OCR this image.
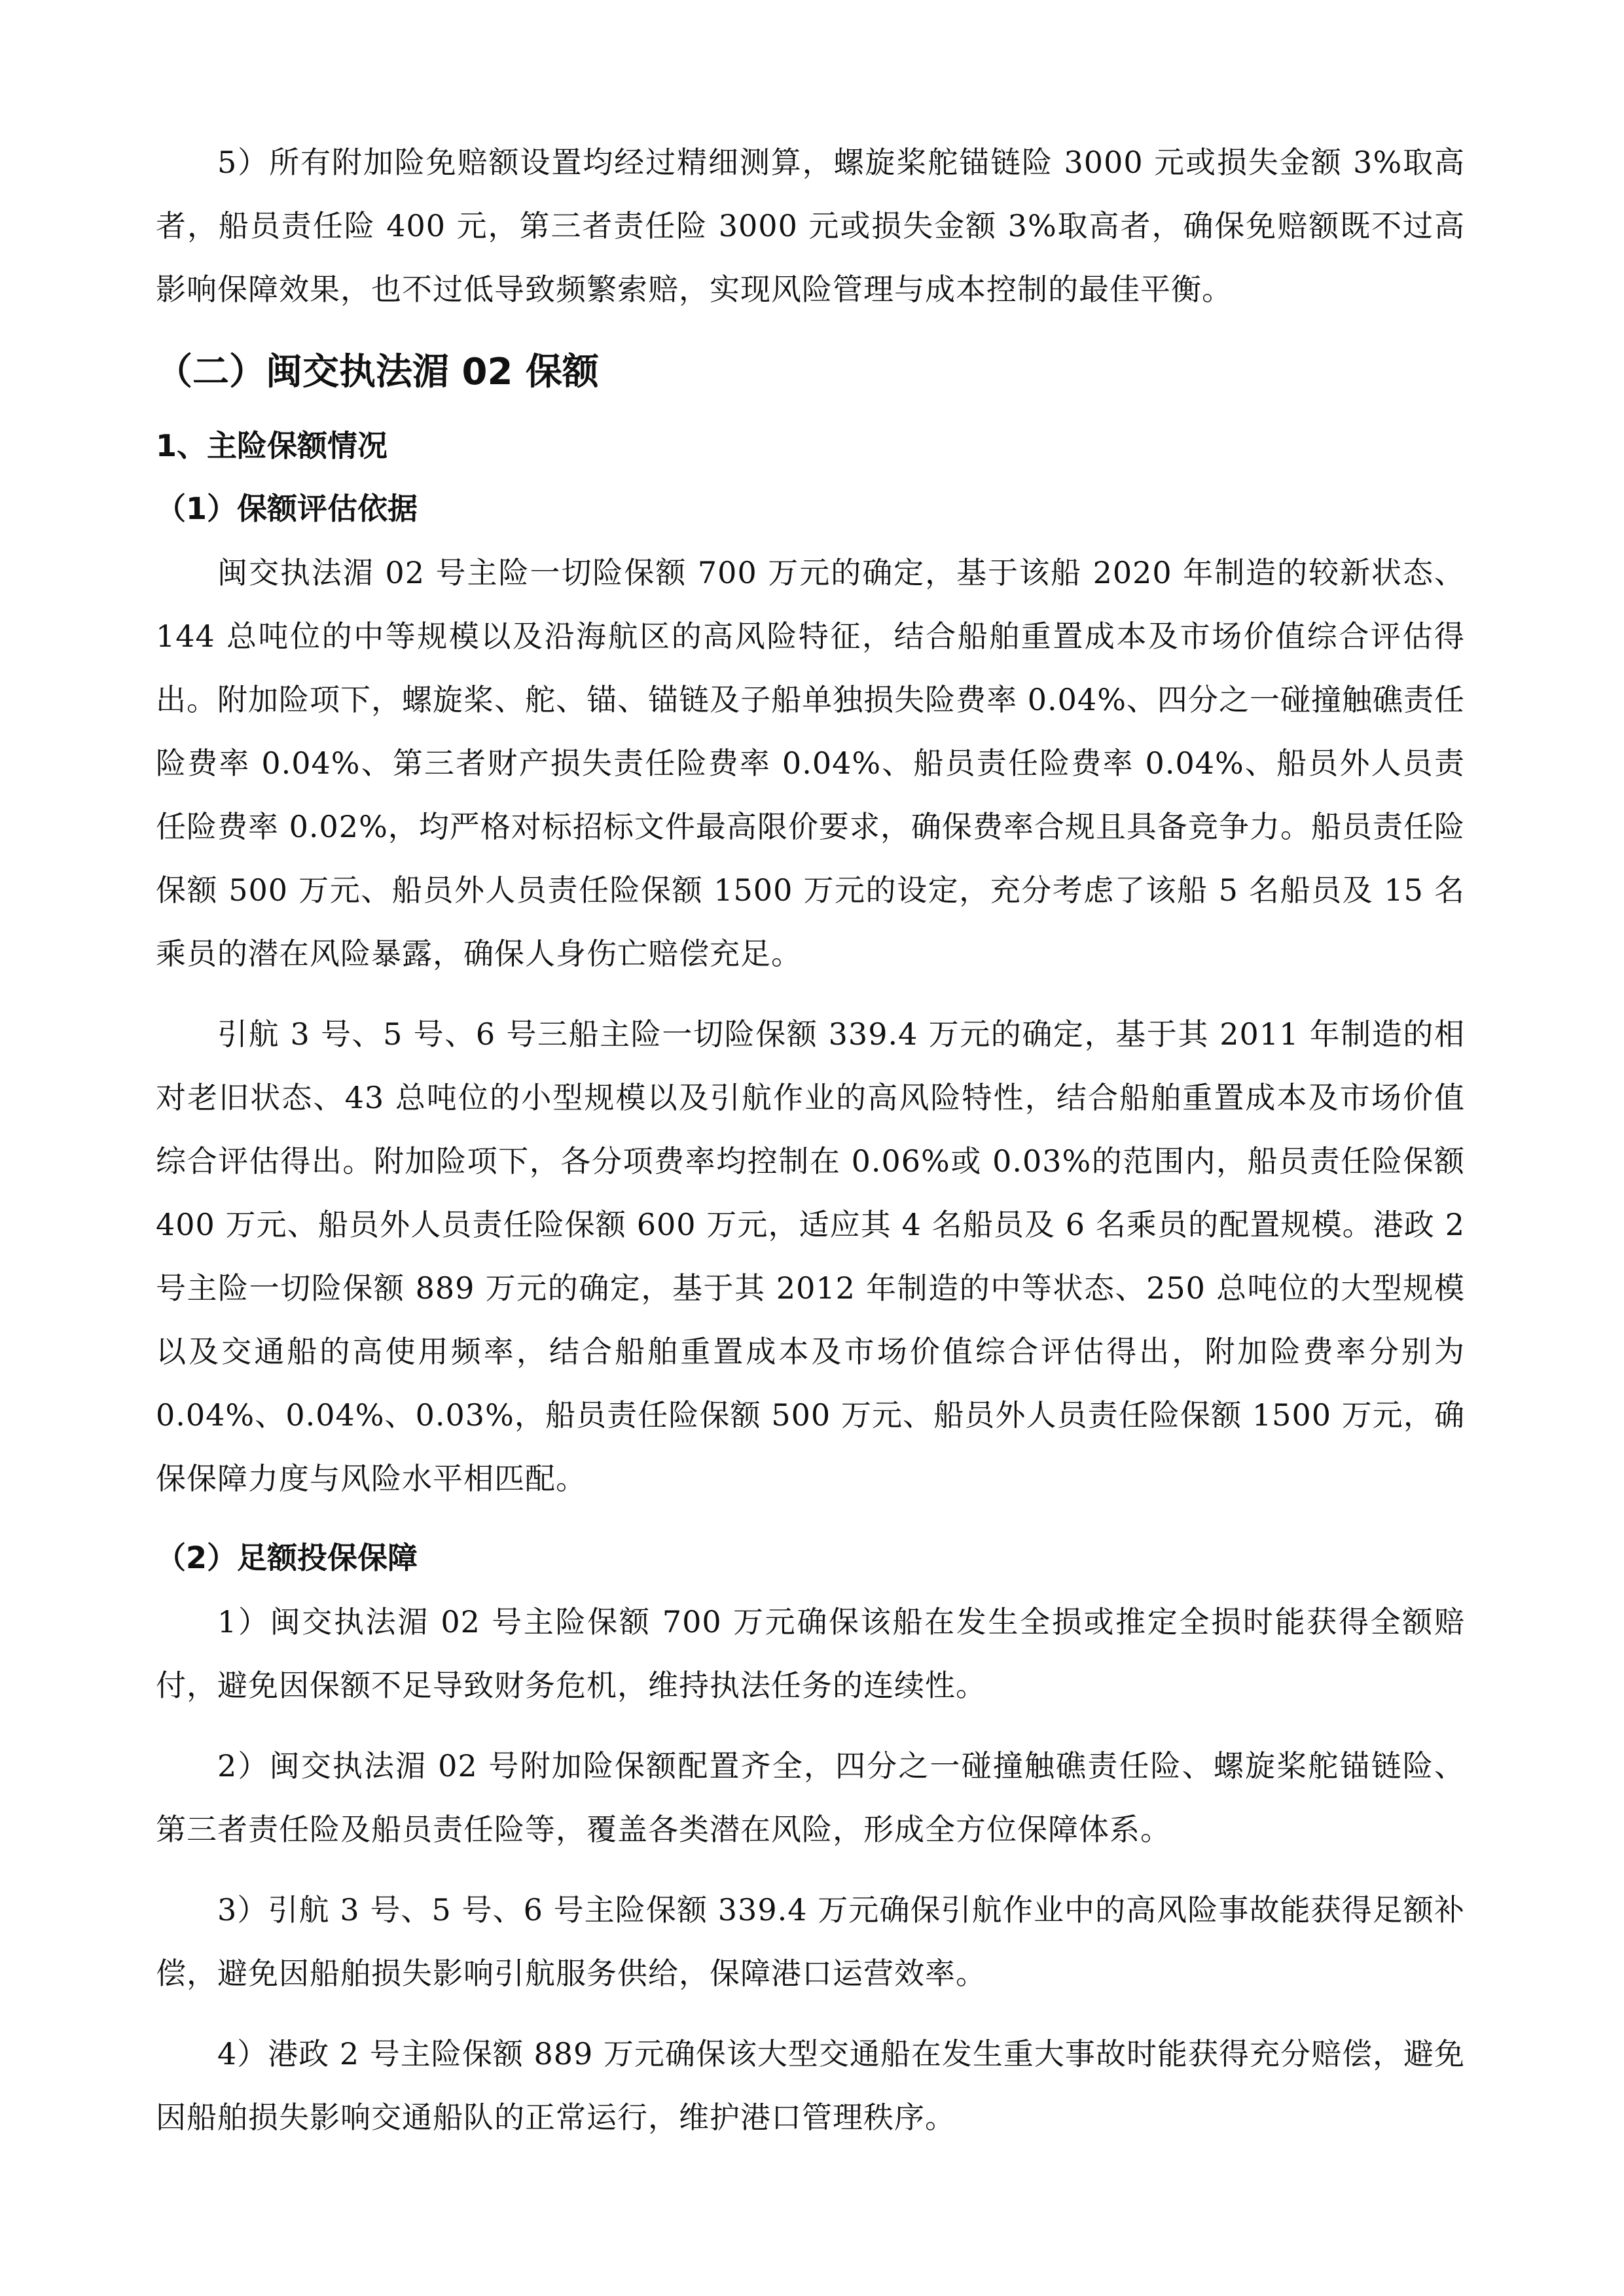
5）所有附加险免赔额设置均经过精细测算，螺旋桨舵锚链险 3000 元或损失金额 3%取高者，船员责任险 400 元，第三者责任险 3000 元或损失金额 3%取高者，确保免赔额既不过高影响保障效果，也不过低导致频繁索赔，实现风险管理与成本控制的最佳平衡。

（二）闽交执法湄 02 保额
1、主险保额情况
（1）保额评估依据

闽交执法湄 02 号主险一切险保额 700 万元的确定，基于该船 2020 年制造的较新状态、144 总吨位的中等规模以及沿海航区的高风险特征，结合船舶重置成本及市场价值综合评估得出。附加险项下，螺旋桨、舵、锚、锚链及子船单独损失险费率 0.04%、四分之一碰撞触礁责任险费率 0.04%、第三者财产损失责任险费率 0.04%、船员责任险费率 0.04%、船员外人员责任险费率 0.02%，均严格对标招标文件最高限价要求，确保费率合规且具备竞争力。船员责任险保额 500 万元、船员外人员责任险保额 1500 万元的设定，充分考虑了该船 5 名船员及 15 名乘员的潜在风险暴露，确保人身伤亡赔偿充足。

引航 3 号、5 号、6 号三船主险一切险保额 339.4 万元的确定，基于其 2011 年制造的相对老旧状态、43 总吨位的小型规模以及引航作业的高风险特性，结合船舶重置成本及市场价值综合评估得出。附加险项下，各分项费率均控制在 0.06%或 0.03%的范围内，船员责任险保额 400 万元、船员外人员责任险保额 600 万元，适应其 4 名船员及 6 名乘员的配置规模。港政 2 号主险一切险保额 889 万元的确定，基于其 2012 年制造的中等状态、250 总吨位的大型规模以及交通船的高使用频率，结合船舶重置成本及市场价值综合评估得出，附加险费率分别为 0.04%、0.04%、0.03%，船员责任险保额 500 万元、船员外人员责任险保额 1500 万元，确保保障力度与风险水平相匹配。

（2）足额投保保障

1）闽交执法湄 02 号主险保额 700 万元确保该船在发生全损或推定全损时能获得全额赔付，避免因保额不足导致财务危机，维持执法任务的连续性。

2）闽交执法湄 02 号附加险保额配置齐全，四分之一碰撞触礁责任险、螺旋桨舵锚链险、第三者责任险及船员责任险等，覆盖各类潜在风险，形成全方位保障体系。

3）引航 3 号、5 号、6 号主险保额 339.4 万元确保引航作业中的高风险事故能获得足额补偿，避免因船舶损失影响引航服务供给，保障港口运营效率。

4）港政 2 号主险保额 889 万元确保该大型交通船在发生重大事故时能获得充分赔偿，避免因船舶损失影响交通船队的正常运行，维护港口管理秩序。
